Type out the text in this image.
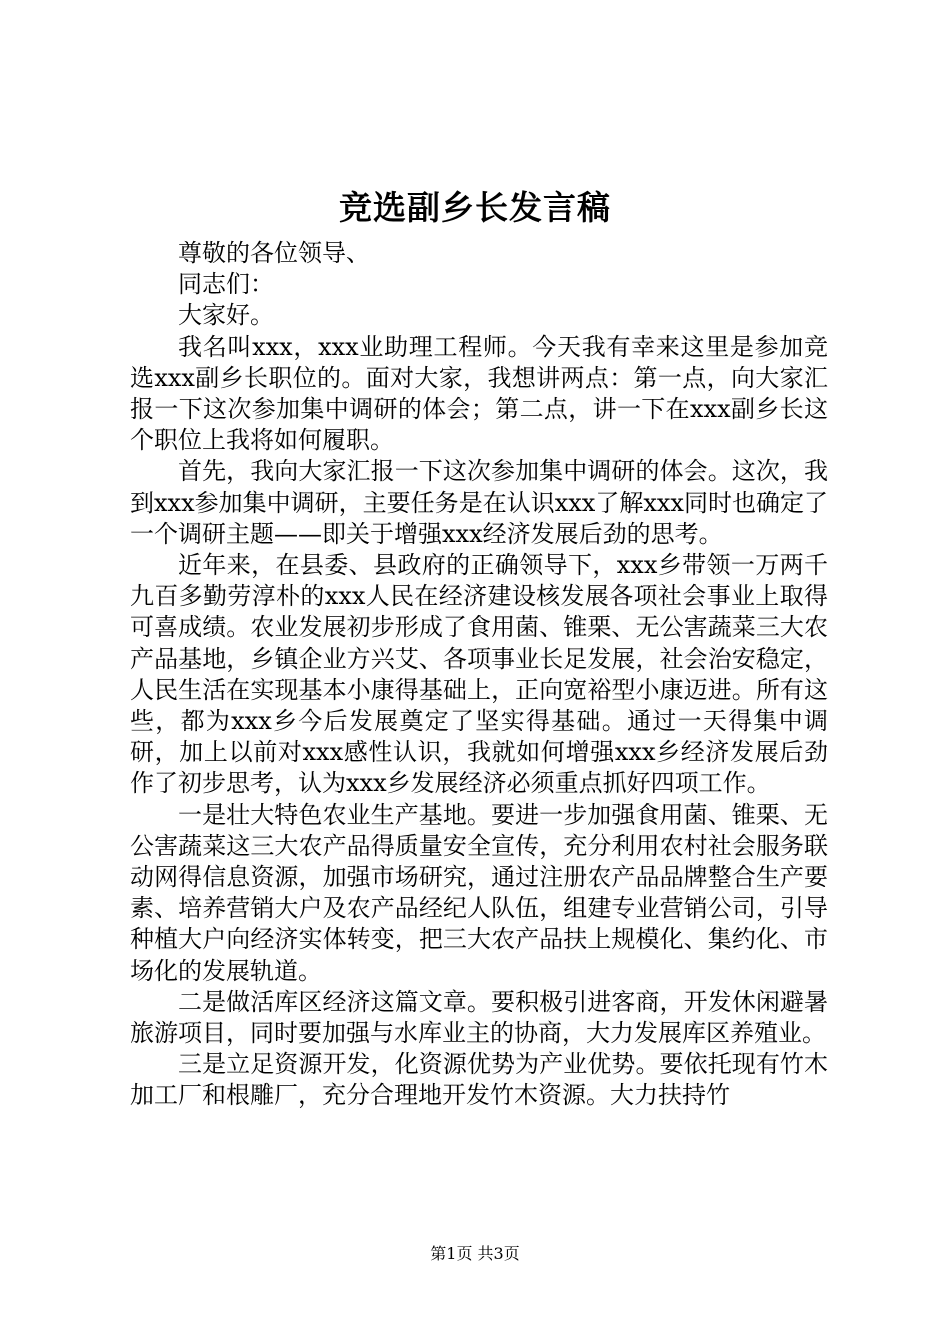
竞选副乡长发言稿

尊敬的各位领导、

同志们：

大家好。

我名叫xxx，xxx业助理工程师。今天我有幸来这里是参加竞选xxx副乡长职位的。面对大家，我想讲两点：第一点，向大家汇报一下这次参加集中调研的体会；第二点，讲一下在xxx副乡长这个职位上我将如何履职。

首先，我向大家汇报一下这次参加集中调研的体会。这次，我到xxx参加集中调研，主要任务是在认识xxx了解xxx同时也确定了一个调研主题——即关于增强xxx经济发展后劲的思考。

近年来，在县委、县政府的正确领导下，xxx乡带领一万两千九百多勤劳淳朴的xxx人民在经济建设核发展各项社会事业上取得可喜成绩。农业发展初步形成了食用菌、锥栗、无公害蔬菜三大农产品基地，乡镇企业方兴艾、各项事业长足发展，社会治安稳定，人民生活在实现基本小康得基础上，正向宽裕型小康迈进。所有这些，都为xxx乡今后发展奠定了坚实得基础。通过一天得集中调研，加上以前对xxx感性认识，我就如何增强xxx乡经济发展后劲作了初步思考，认为xxx乡发展经济必须重点抓好四项工作。

一是壮大特色农业生产基地。要进一步加强食用菌、锥栗、无公害蔬菜这三大农产品得质量安全宣传，充分利用农村社会服务联动网得信息资源，加强市场研究，通过注册农产品品牌整合生产要素、培养营销大户及农产品经纪人队伍，组建专业营销公司，引导种植大户向经济实体转变，把三大农产品扶上规模化、集约化、市场化的发展轨道。

二是做活库区经济这篇文章。要积极引进客商，开发休闲避暑旅游项目，同时要加强与水库业主的协商，大力发展库区养殖业。

三是立足资源开发，化资源优势为产业优势。要依托现有竹木加工厂和根雕厂，充分合理地开发竹木资源。大力扶持竹

第1页 共3页
